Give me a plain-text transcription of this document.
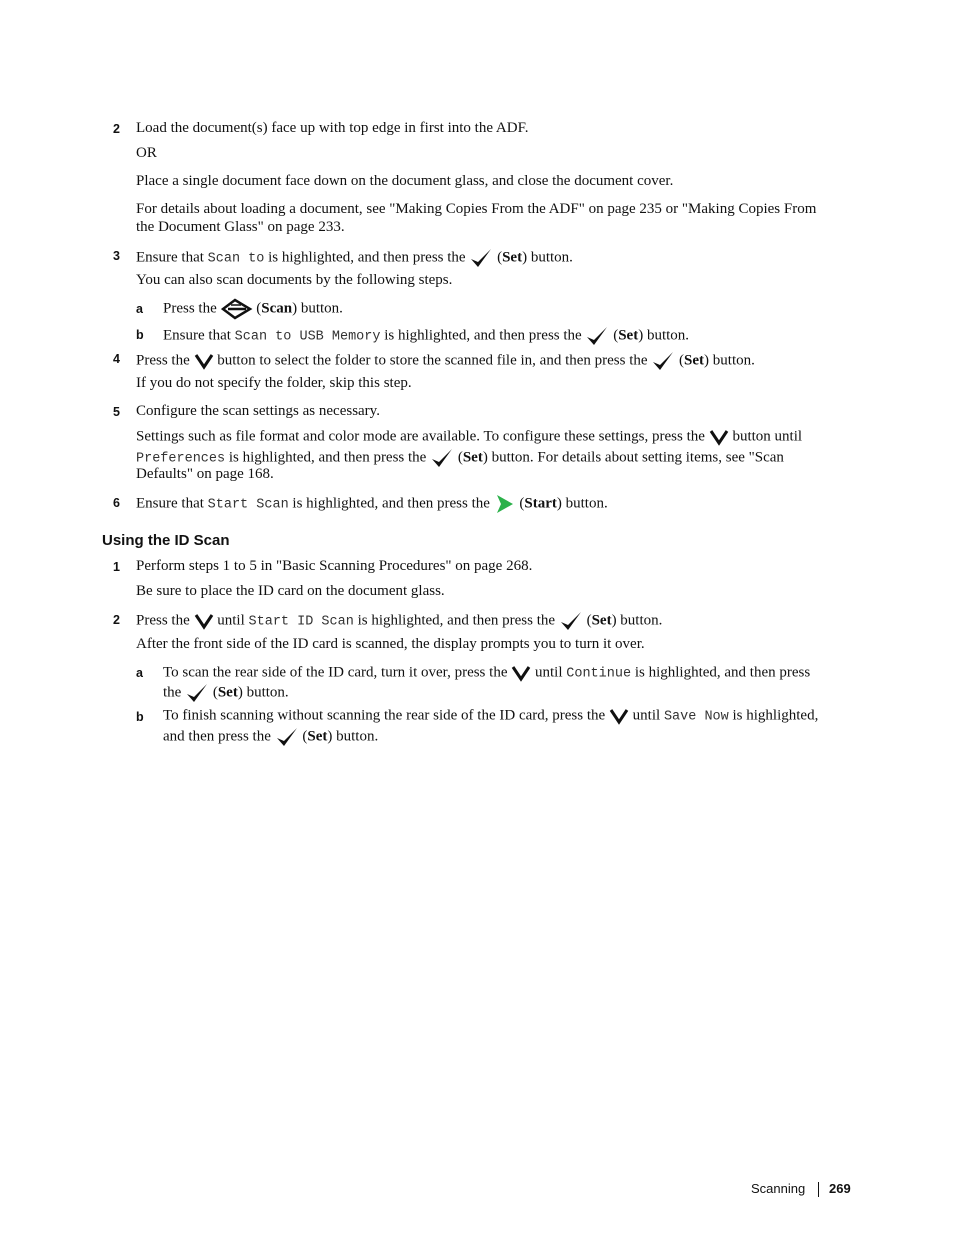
2 Load the document(s) face up with top edge in first into the ADF.
OR
Place a single document face down on the document glass, and close the document cover.
For details about loading a document, see "Making Copies From the ADF" on page 235 or "Making Copies From
the Document Glass" on page 233.
3 Ensure that Scan to is highlighted, and then press the
(Set) button.
You can also scan documents by the following steps.
a Press the
(Scan) button.
b Ensure that Scan to USB Memory is highlighted, and then press the
(Set) button.
4 Press the
button to select the folder to store the scanned file in, and then press the
(Set) button.
If you do not specify the folder, skip this step.
5 Configure the scan settings as necessary.
Settings such as file format and color mode are available. To configure these settings, press the
button until
Preferences is highlighted, and then press the
(Set) button. For details about setting items, see "Scan
Defaults" on page 168.
6 Ensure that Start Scan is highlighted, and then press the
(Start) button.
Using the ID Scan
1 Perform steps 1 to 5 in "Basic Scanning Procedures" on page 268.
Be sure to place the ID card on the document glass.
2 Press the
until Start ID Scan is highlighted, and then press the
(Set) button.
After the front side of the ID card is scanned, the display prompts you to turn it over.
a To scan the rear side of the ID card, turn it over, press the
until Continue is highlighted, and then press
the
(Set) button.
b To finish scanning without scanning the rear side of the ID card, press the
until Save Now is highlighted,
and then press the
(Set) button.
Scanning 269
